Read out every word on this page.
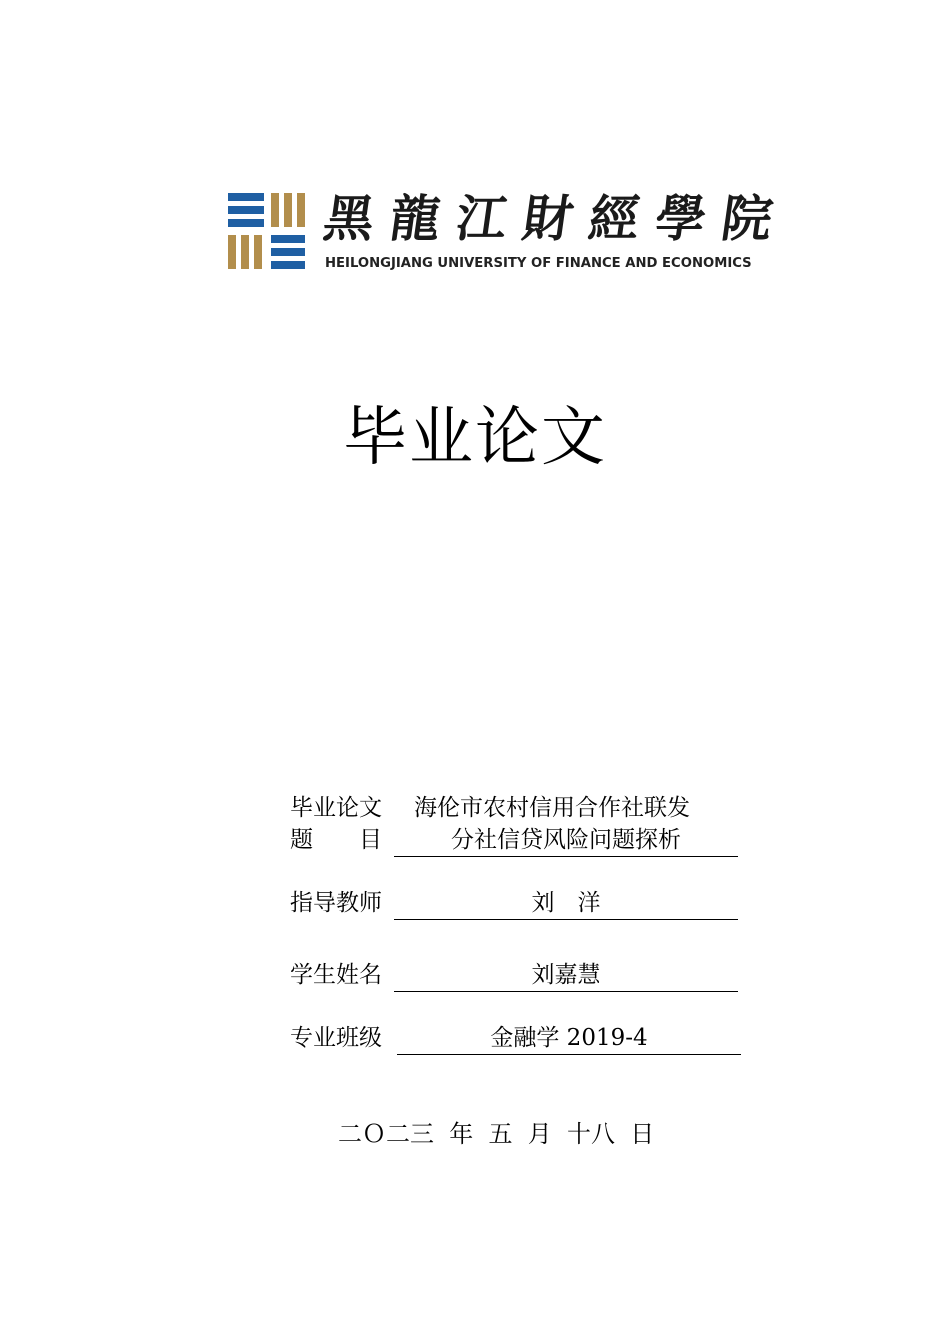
黑 龍 江 財 經 學 院
HEILONGJIANG UNIVERSITY OF FINANCE AND ECONOMICS
毕业论文
毕业论文 海伦市农村信用合作社联发
题　　目	分社信贷风险问题探析
指导教师	刘　洋
学生姓名	刘嘉慧
专业班级	金融学 2019-4
二Ｏ二三  年  五  月  十八  日
